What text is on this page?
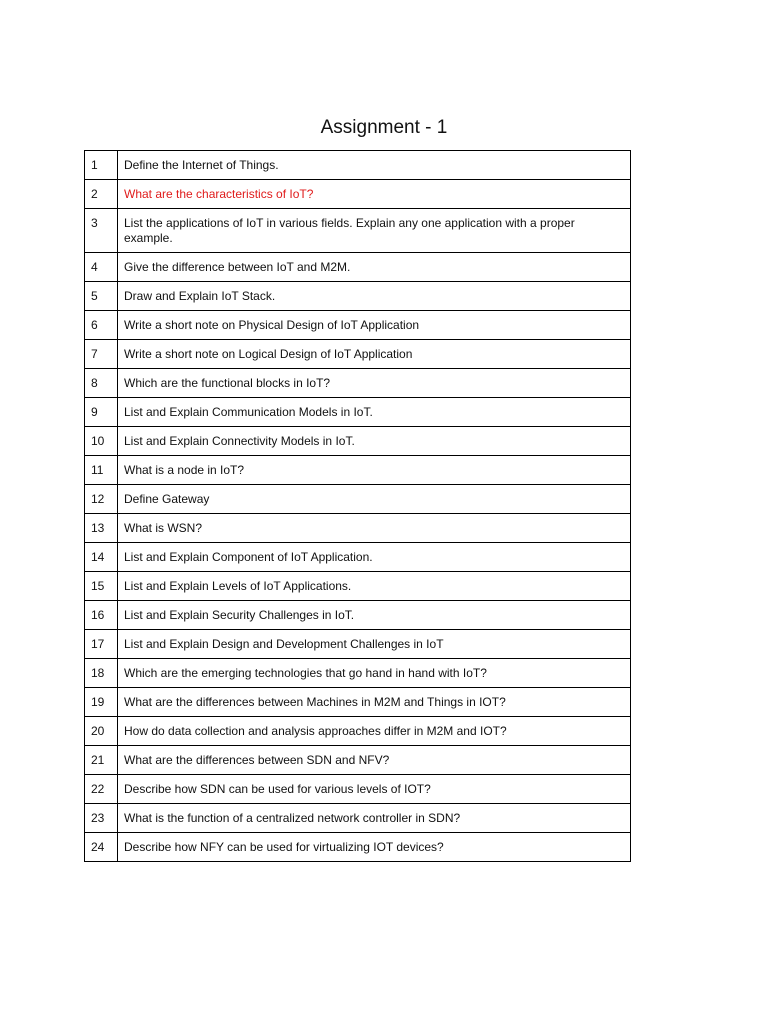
Assignment - 1
1	Define the Internet of Things.
2	What are the characteristics of IoT?
3	List the applications of IoT in various fields. Explain any one application with a proper example.
4	Give the difference between IoT and M2M.
5	Draw and Explain IoT Stack.
6	Write a short note on Physical Design of IoT Application
7	Write a short note on Logical Design of IoT Application
8	Which are the functional blocks in IoT?
9	List and Explain Communication Models in IoT.
10	List and Explain Connectivity Models in IoT.
11	What is a node in IoT?
12	Define Gateway
13	What is WSN?
14	List and Explain Component of IoT Application.
15	List and Explain Levels of IoT Applications.
16	List and Explain Security Challenges in IoT.
17	List and Explain Design and Development Challenges in IoT
18	Which are the emerging technologies that go hand in hand with IoT?
19	What are the differences between Machines in M2M and Things in IOT?
20	How do data collection and analysis approaches differ in M2M and IOT?
21	What are the differences between SDN and NFV?
22	Describe how SDN can be used for various levels of IOT?
23	What is the function of a centralized network controller in SDN?
24	Describe how NFY can be used for virtualizing IOT devices?
